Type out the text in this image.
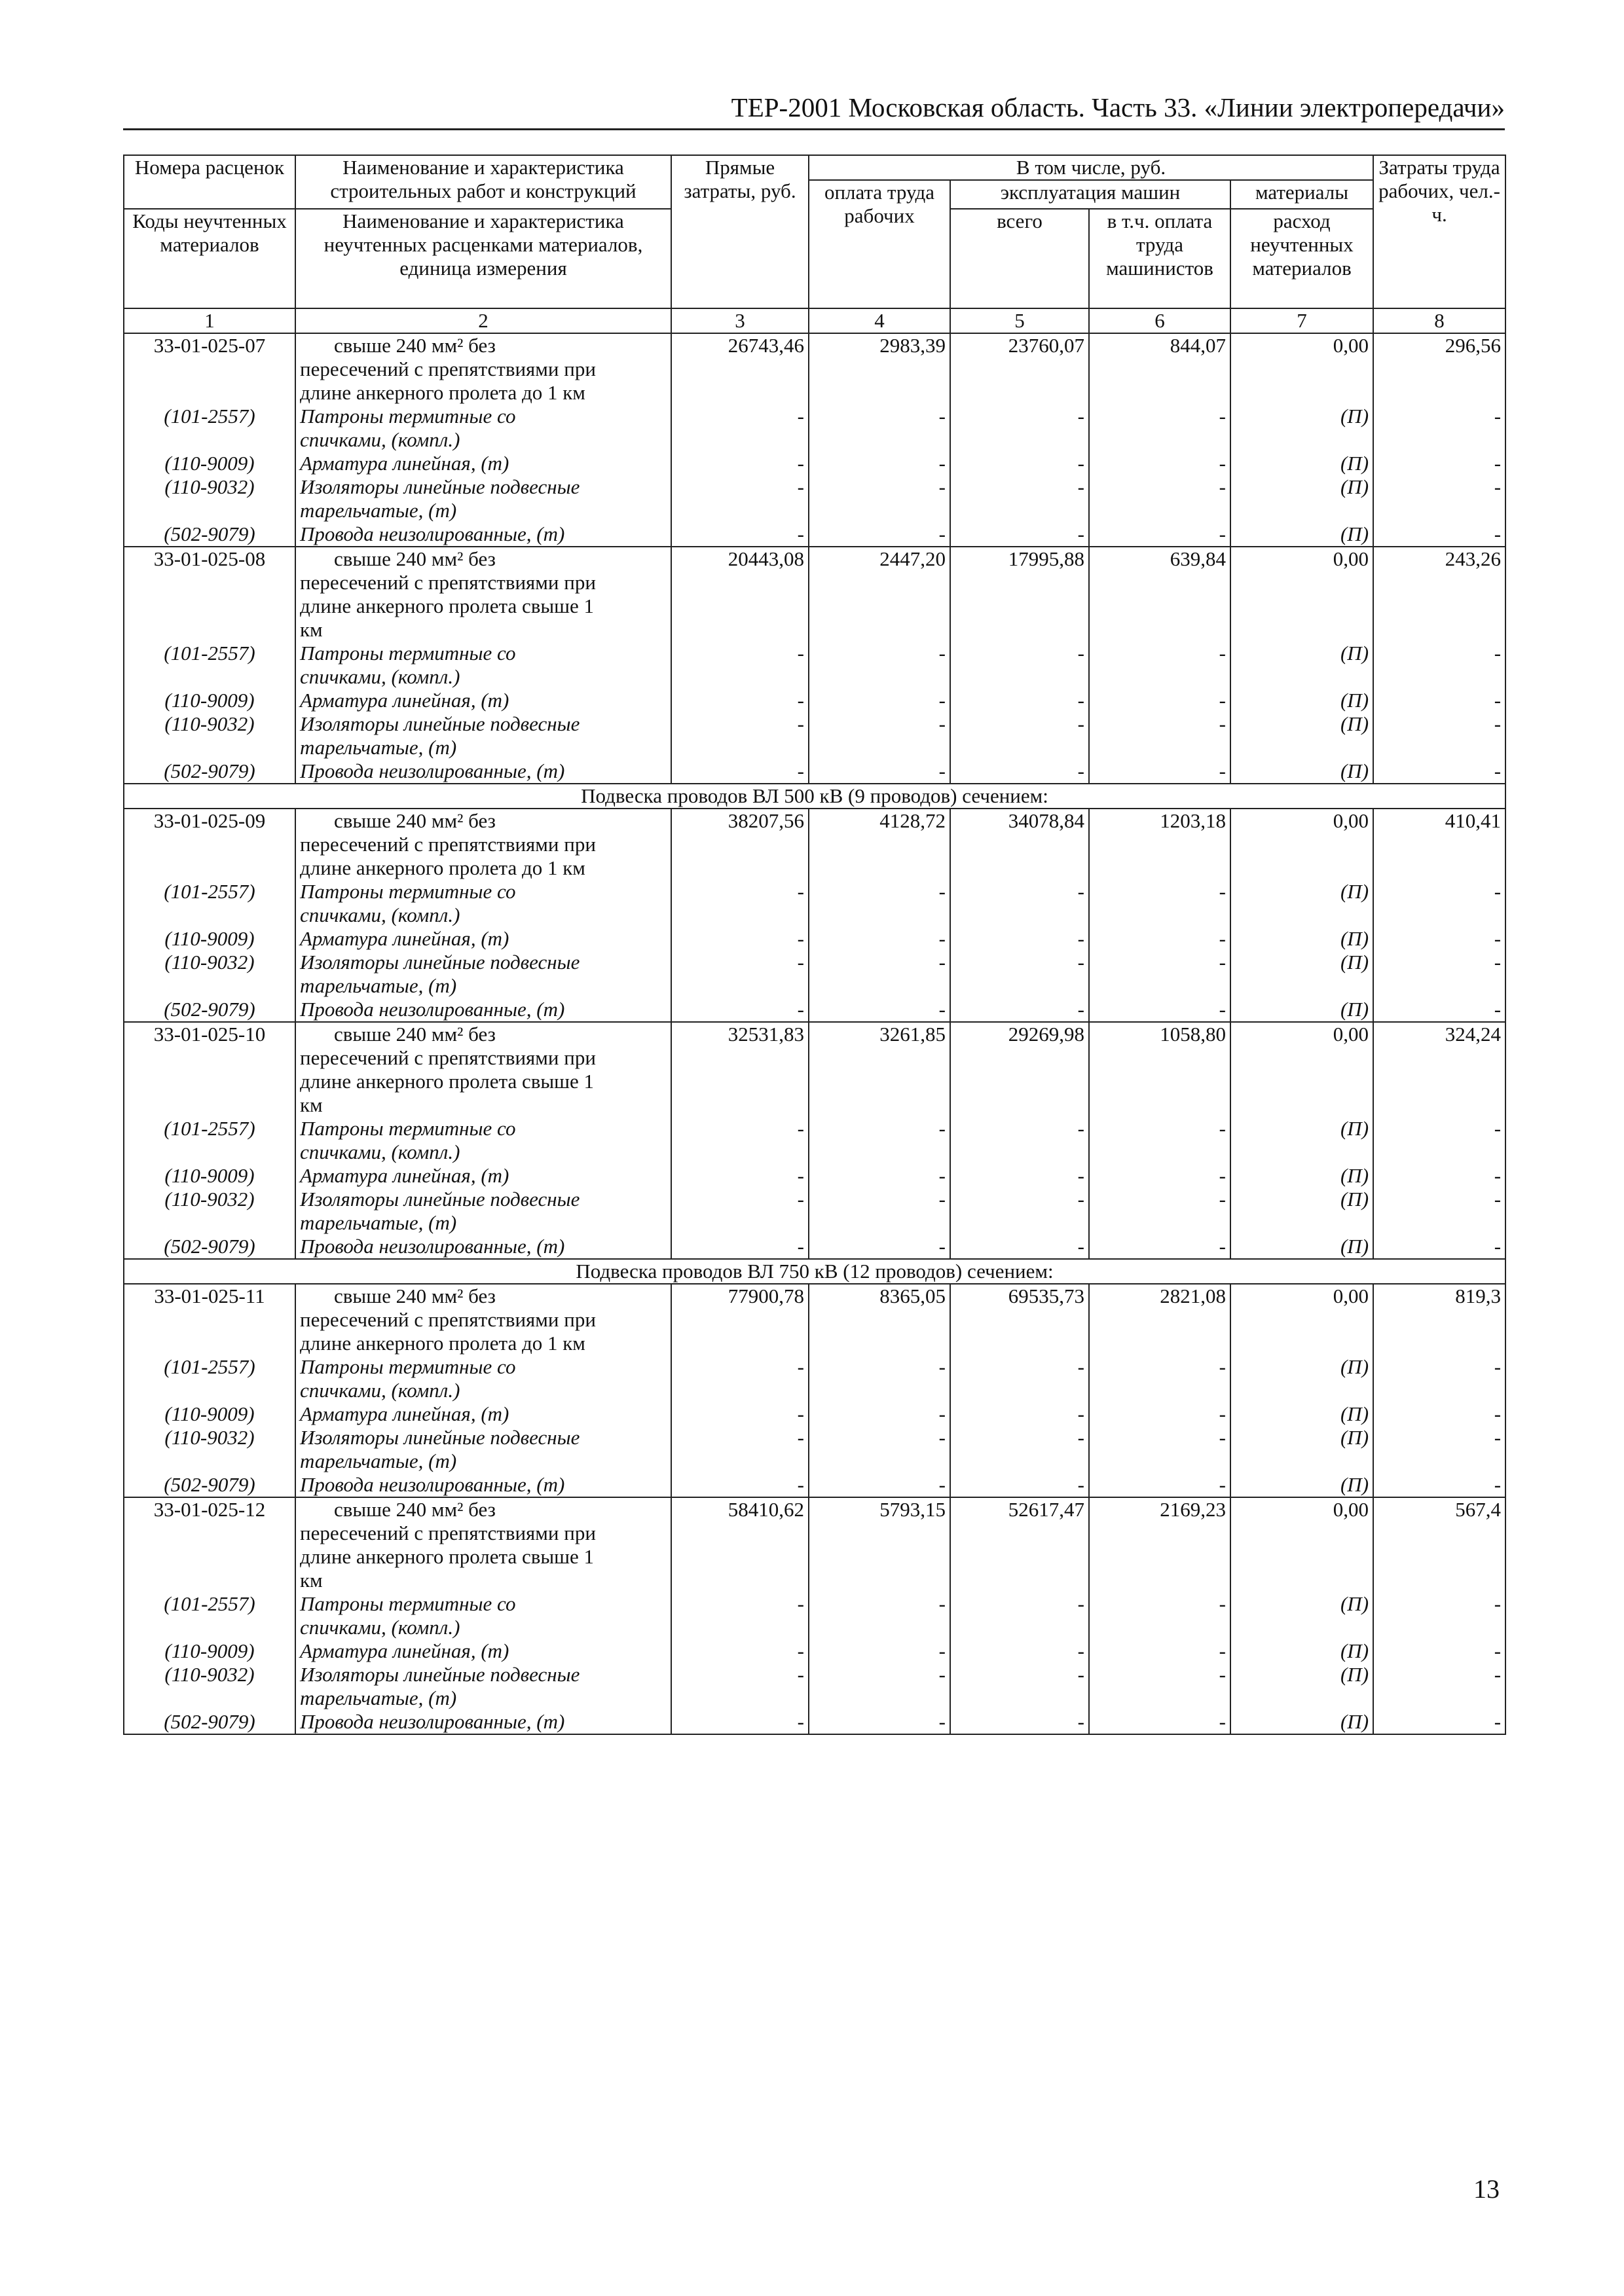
ТЕР-2001 Московская область. Часть 33. «Линии электропередачи»
Номера расценок	Наименование и характеристика строительных работ и конструкций	Прямые затраты, руб.	В том числе, руб.				Затраты труда рабочих, чел.-ч.
			оплата труда рабочих	эксплуатация машин		материалы	
Коды неучтенных материалов	Наименование и характеристика неучтенных расценками материалов, единица измерения			всего	в т.ч. оплата труда машинистов	расход неучтенных материалов	

1	2	3	4	5	6	7	8
33-01-025-07	свыше 240 мм² без
пересечений с препятствиями при
длине анкерного пролета до 1 км	26743,46	2983,39	23760,07	844,07	0,00	296,56
(101-2557)	Патроны термитные со
спичками, (компл.)	-	-	-	-	(П)	-
(110-9009)	Арматура линейная, (т)	-	-	-	-	(П)	-
(110-9032)	Изоляторы линейные подвесные
тарельчатые, (т)	-	-	-	-	(П)	-
(502-9079)	Провода неизолированные, (т)	-	-	-	-	(П)	-
33-01-025-08	свыше 240 мм² без
пересечений с препятствиями при
длине анкерного пролета свыше 1
км	20443,08	2447,20	17995,88	639,84	0,00	243,26
(101-2557)	Патроны термитные со
спичками, (компл.)	-	-	-	-	(П)	-
(110-9009)	Арматура линейная, (т)	-	-	-	-	(П)	-
(110-9032)	Изоляторы линейные подвесные
тарельчатые, (т)	-	-	-	-	(П)	-
(502-9079)	Провода неизолированные, (т)	-	-	-	-	(П)	-
Подвеска проводов ВЛ 500 кВ (9 проводов) сечением:							
33-01-025-09	свыше 240 мм² без
пересечений с препятствиями при
длине анкерного пролета до 1 км	38207,56	4128,72	34078,84	1203,18	0,00	410,41
(101-2557)	Патроны термитные со
спичками, (компл.)	-	-	-	-	(П)	-
(110-9009)	Арматура линейная, (т)	-	-	-	-	(П)	-
(110-9032)	Изоляторы линейные подвесные
тарельчатые, (т)	-	-	-	-	(П)	-
(502-9079)	Провода неизолированные, (т)	-	-	-	-	(П)	-
33-01-025-10	свыше 240 мм² без
пересечений с препятствиями при
длине анкерного пролета свыше 1
км	32531,83	3261,85	29269,98	1058,80	0,00	324,24
(101-2557)	Патроны термитные со
спичками, (компл.)	-	-	-	-	(П)	-
(110-9009)	Арматура линейная, (т)	-	-	-	-	(П)	-
(110-9032)	Изоляторы линейные подвесные
тарельчатые, (т)	-	-	-	-	(П)	-
(502-9079)	Провода неизолированные, (т)	-	-	-	-	(П)	-
Подвеска проводов ВЛ 750 кВ (12 проводов) сечением:							
33-01-025-11	свыше 240 мм² без
пересечений с препятствиями при
длине анкерного пролета до 1 км	77900,78	8365,05	69535,73	2821,08	0,00	819,3
(101-2557)	Патроны термитные со
спичками, (компл.)	-	-	-	-	(П)	-
(110-9009)	Арматура линейная, (т)	-	-	-	-	(П)	-
(110-9032)	Изоляторы линейные подвесные
тарельчатые, (т)	-	-	-	-	(П)	-
(502-9079)	Провода неизолированные, (т)	-	-	-	-	(П)	-
33-01-025-12	свыше 240 мм² без
пересечений с препятствиями при
длине анкерного пролета свыше 1
км	58410,62	5793,15	52617,47	2169,23	0,00	567,4
(101-2557)	Патроны термитные со
спичками, (компл.)	-	-	-	-	(П)	-
(110-9009)	Арматура линейная, (т)	-	-	-	-	(П)	-
(110-9032)	Изоляторы линейные подвесные
тарельчатые, (т)	-	-	-	-	(П)	-
(502-9079)	Провода неизолированные, (т)	-	-	-	-	(П)	-
13
